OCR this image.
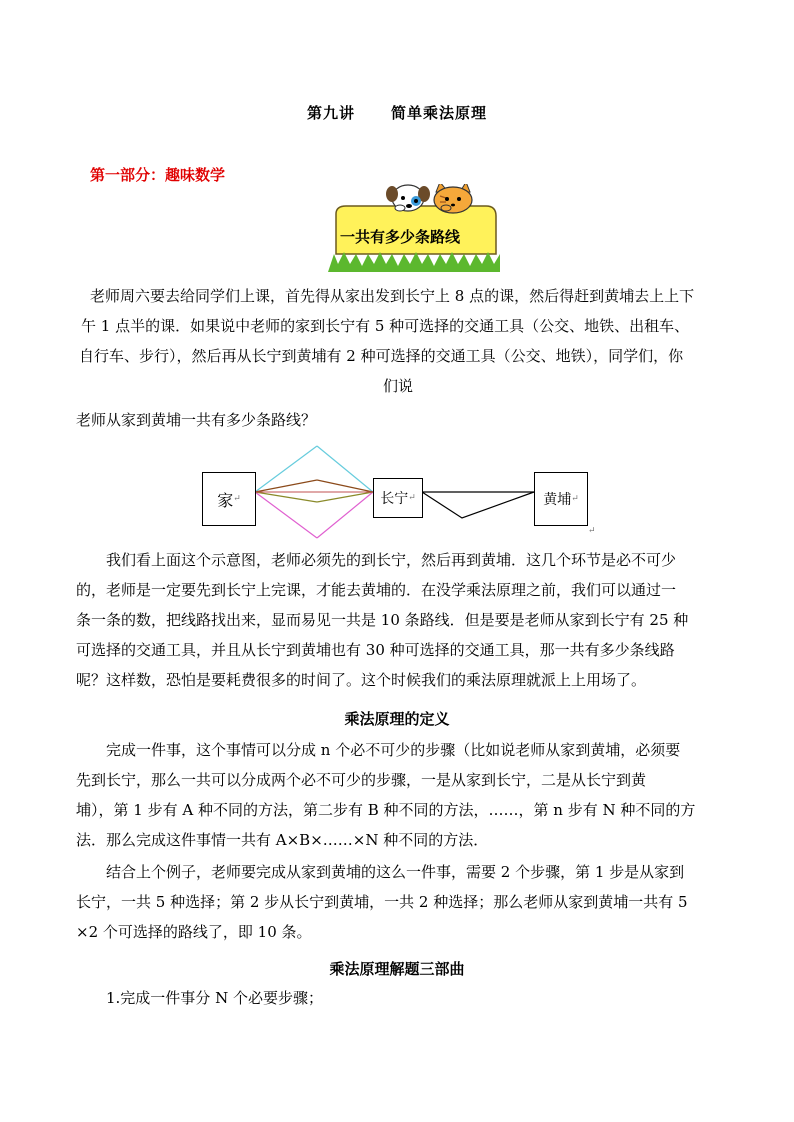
第九讲 简单乘法原理
第一部分：趣味数学
一共有多少条路线
老师周六要去给同学们上课，首先得从家出发到长宁上 8 点的课，然后得赶到黄埔去上上下
午 1 点半的课．如果说中老师的家到长宁有 5 种可选择的交通工具（公交、地铁、出租车、
自行车、步行），然后再从长宁到黄埔有 2 种可选择的交通工具（公交、地铁），同学们，你
们说
老师从家到黄埔一共有多少条路线？
家 ↵	长宁 ↵	黄埔 ↵
↵
我们看上面这个示意图，老师必须先的到长宁，然后再到黄埔．这几个环节是必不可少
的，老师是一定要先到长宁上完课，才能去黄埔的．在没学乘法原理之前，我们可以通过一
条一条的数，把线路找出来，显而易见一共是 10 条路线．但是要是老师从家到长宁有 25 种
可选择的交通工具，并且从长宁到黄埔也有 30 种可选择的交通工具，那一共有多少条线路
呢？这样数，恐怕是要耗费很多的时间了。这个时候我们的乘法原理就派上上用场了。
乘法原理的定义
完成一件事，这个事情可以分成 n 个必不可少的步骤（比如说老师从家到黄埔，必须要
先到长宁，那么一共可以分成两个必不可少的步骤，一是从家到长宁，二是从长宁到黄
埔），第 1 步有 A 种不同的方法，第二步有 B 种不同的方法，……，第 n 步有 N 种不同的方
法．那么完成这件事情一共有 A×B×……×N 种不同的方法．
结合上个例子，老师要完成从家到黄埔的这么一件事，需要 2 个步骤，第 1 步是从家到
长宁，一共 5 种选择；第 2 步从长宁到黄埔，一共 2 种选择；那么老师从家到黄埔一共有 5
×2 个可选择的路线了，即 10 条。
乘法原理解题三部曲
1.完成一件事分 N 个必要步骤；
